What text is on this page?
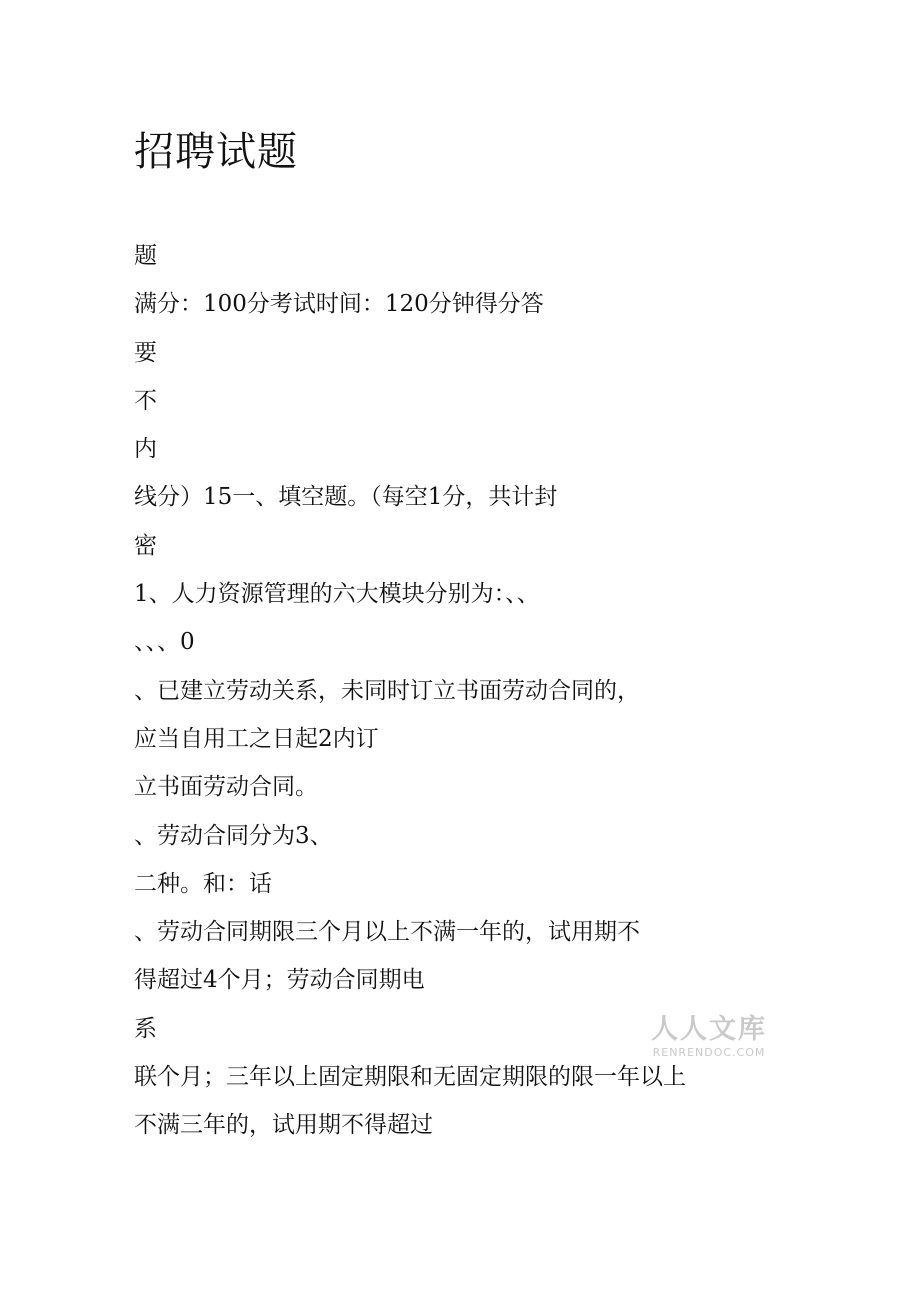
招聘试题
题
满分：100分考试时间：120分钟得分答
要
不
内
线分）15一、填空题。（每空1分，共计封
密
1、人力资源管理的六大模块分别为：、、
、、、0
、已建立劳动关系，未同时订立书面劳动合同的，
应当自用工之日起2内订
立书面劳动合同。
、劳动合同分为3、
二种。和：话
、劳动合同期限三个月以上不满一年的，试用期不
得超过4个月；劳动合同期电
系
联个月；三年以上固定期限和无固定期限的限一年以上
不满三年的，试用期不得超过
人人文库
RENRENDOC.COM
